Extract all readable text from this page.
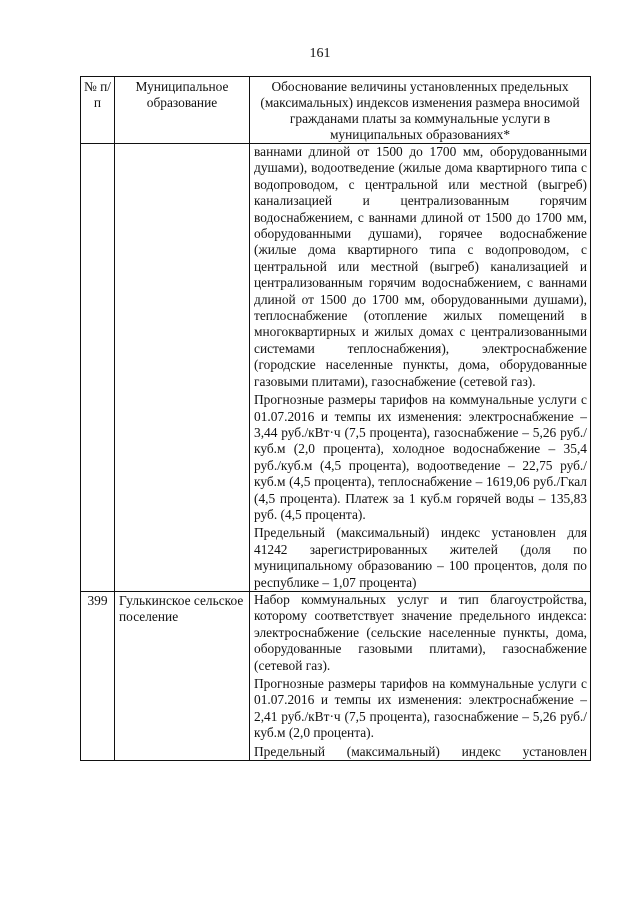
161
№ п/п	Муниципальное образование	Обоснование величины установленных предельных (максимальных) индексов изменения размера вносимой гражданами платы за коммунальные услуги в муниципальных образованиях*

		ваннами длиной от 1500 до 1700 мм, оборудованными душами), водоотведение (жилые дома квартирного типа с водопроводом, с центральной или местной (выгреб) канализацией и централизованным горячим водоснабжением, с ваннами длиной от 1500 до 1700 мм, оборудованными душами), горячее водоснабжение (жилые дома квартирного типа с водопроводом, с центральной или местной (выгреб) канализацией и централизованным горячим водоснабжением, с ваннами длиной от 1500 до 1700 мм, оборудованными душами), теплоснабжение (отопление жилых помещений в многоквартирных и жилых домах с централизованными системами теплоснабжения), электроснабжение (городские населенные пункты, дома, оборудованные газовыми плитами), газоснабжение (сетевой газ).

Прогнозные размеры тарифов на коммунальные услуги с 01.07.2016 и темпы их изменения: электроснабжение – 3,44 руб./кВт·ч (7,5 процента), газоснабжение – 5,26 руб./куб.м (2,0 процента), холодное водоснабжение – 35,4 руб./куб.м (4,5 процента), водоотведение – 22,75 руб./куб.м (4,5 процента), теплоснабжение – 1619,06 руб./Гкал (4,5 процента). Платеж за 1 куб.м горячей воды – 135,83 руб. (4,5 процента).

Предельный (максимальный) индекс установлен для 41242 зарегистрированных жителей (доля по муниципальному образованию – 100 процентов, доля по республике – 1,07 процента)

399	Гулькинское сельское поселение	Набор коммунальных услуг и тип благоустройства, которому соответствует значение предельного индекса: электроснабжение (сельские населенные пункты, дома, оборудованные газовыми плитами), газоснабжение (сетевой газ).

Прогнозные размеры тарифов на коммунальные услуги с 01.07.2016 и темпы их изменения: электроснабжение – 2,41 руб./кВт·ч (7,5 процента), газоснабжение – 5,26 руб./куб.м (2,0 процента).

Предельный (максимальный) индекс установлен
